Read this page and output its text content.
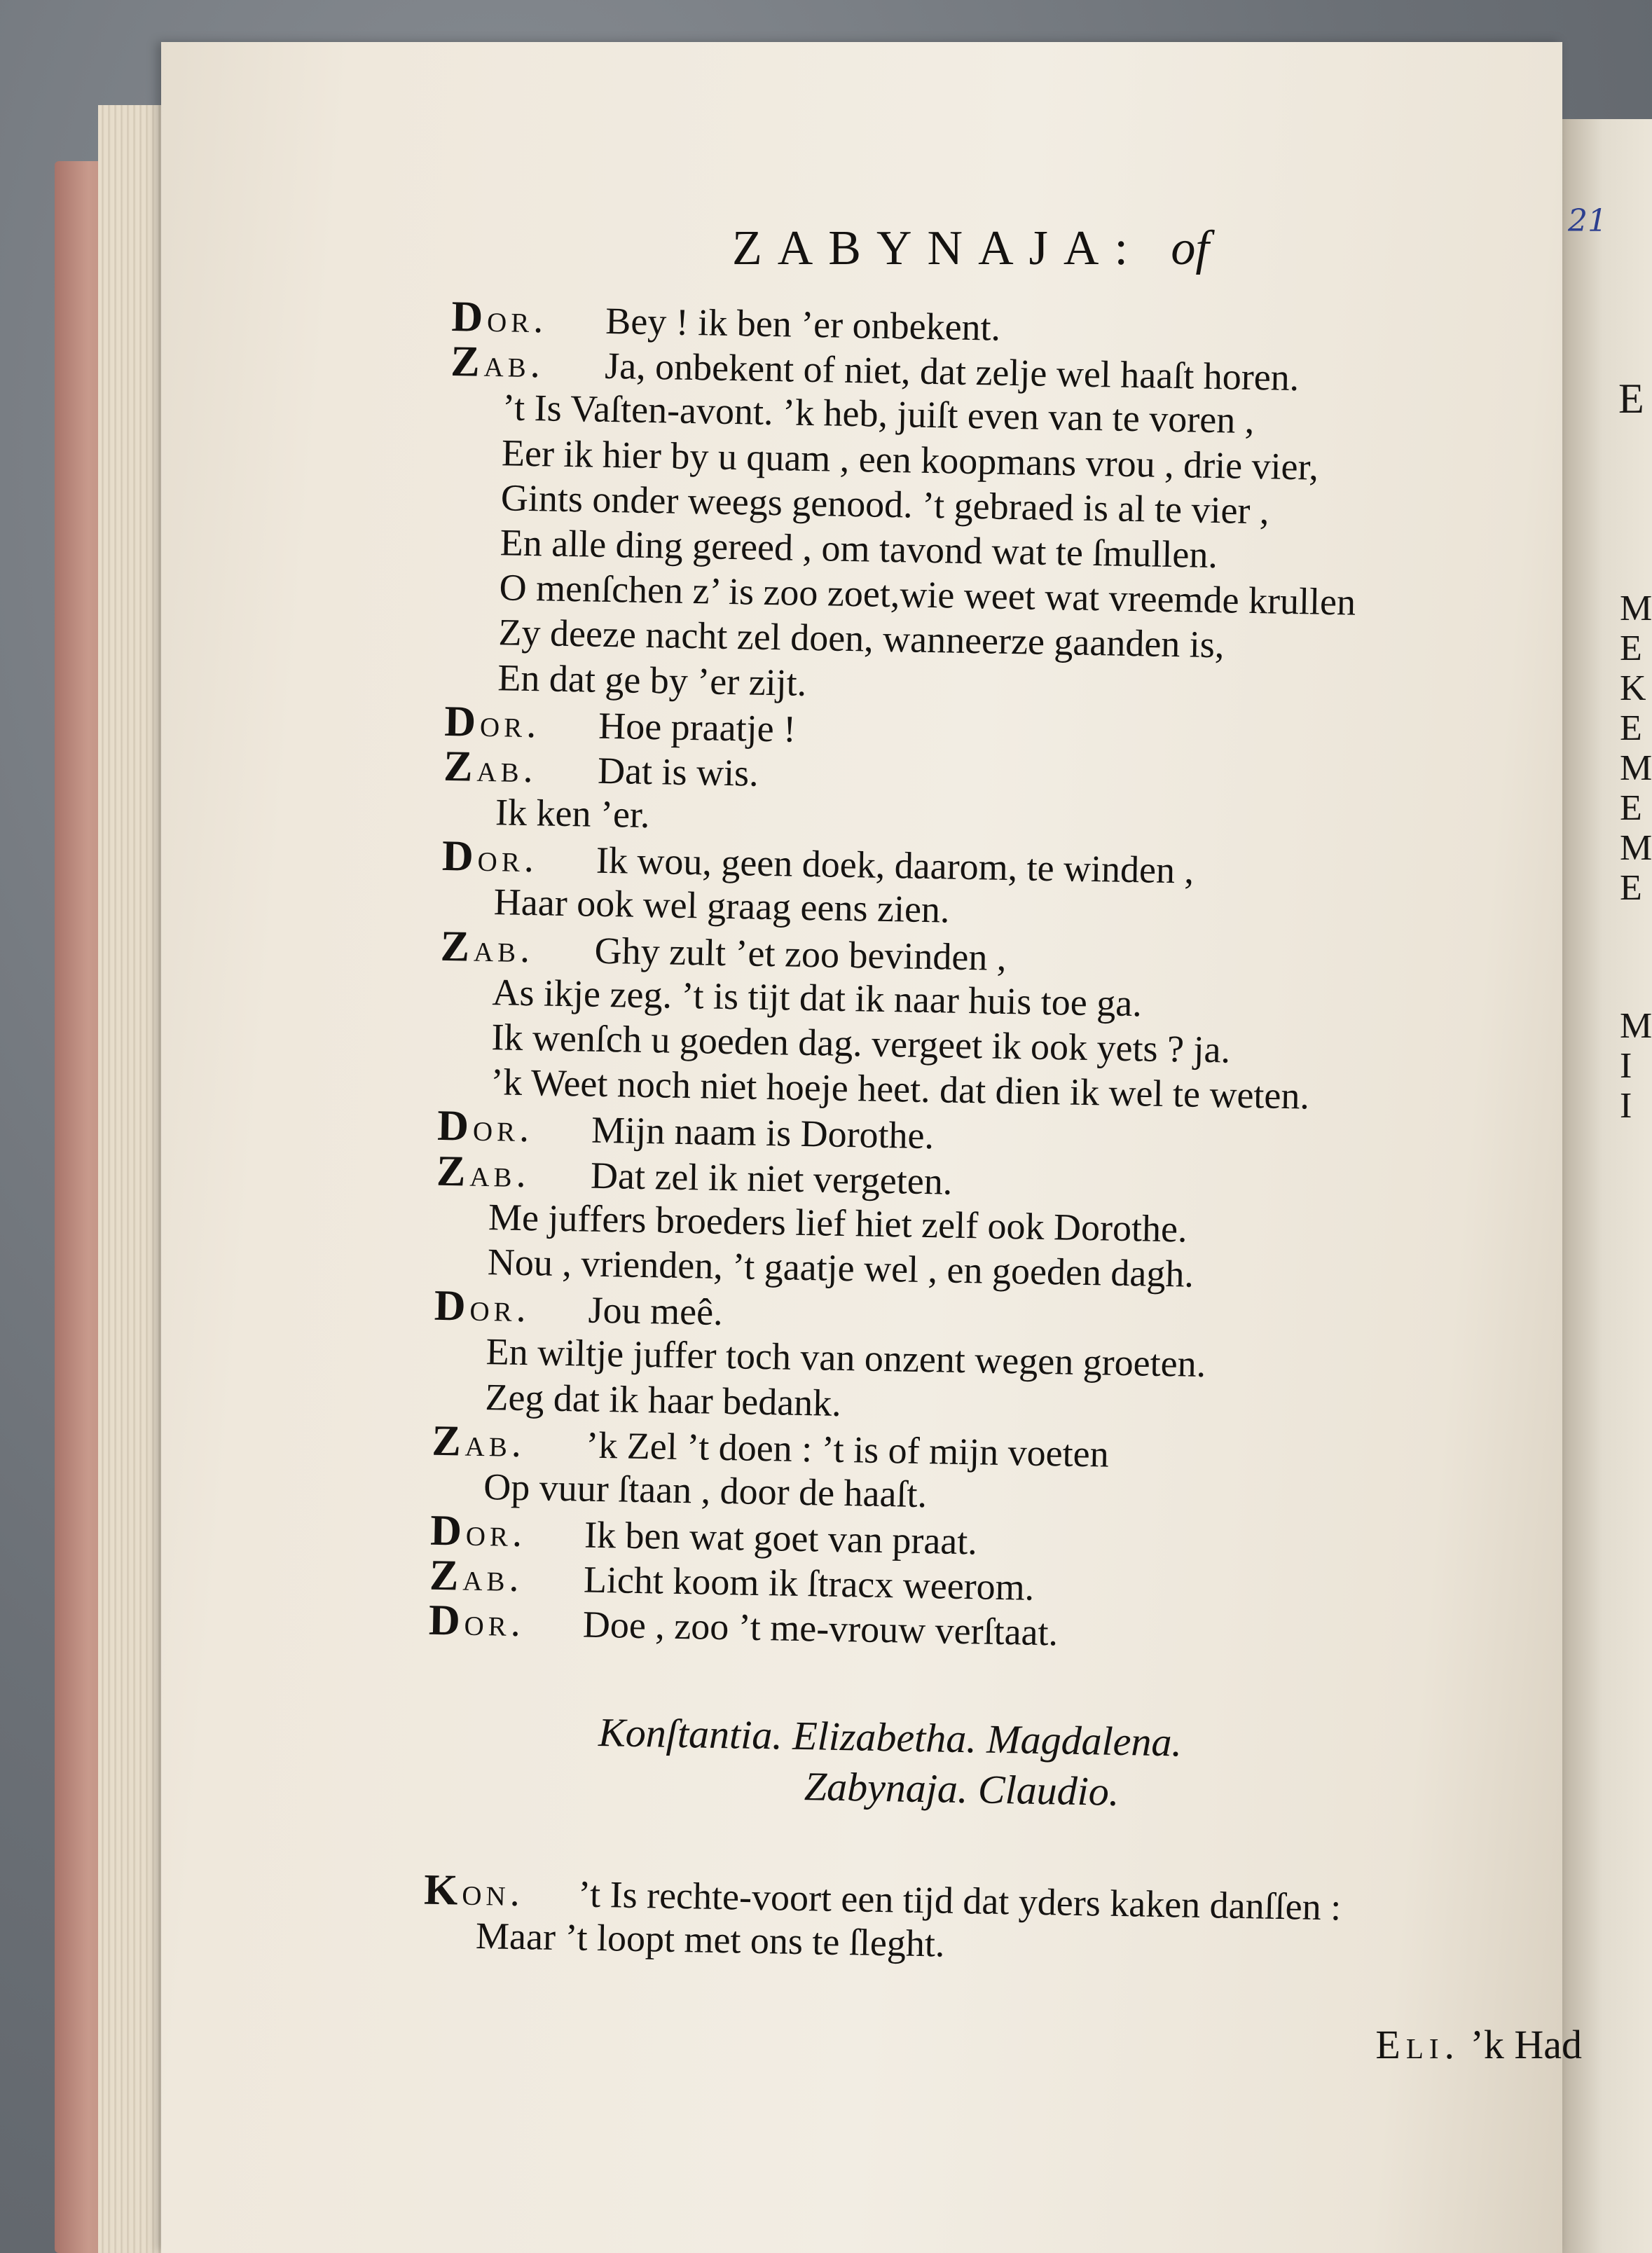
21
E
M
E
K
E
M
E
M
E
M
I
I
ZABYNAJA: of
Dor. Bey ! ik ben ’er onbekent.
Zab. Ja, onbekent of niet, dat zelje wel haaſt horen.
’t Is Vaſten-avont. ’k heb, juiſt even van te voren ,
Eer ik hier by u quam , een koopmans vrou , drie vier,
Gints onder weegs genood. ’t gebraed is al te vier ,
En alle ding gereed , om tavond wat te ſmullen.
O menſchen z’ is zoo zoet,wie weet wat vreemde krullen
Zy deeze nacht zel doen, wanneerze gaanden is,
En dat ge by ’er zijt.
Dor. Hoe praatje !
Zab. Dat is wis.
Ik ken ’er.
Dor. Ik wou, geen doek, daarom, te winden ,
Haar ook wel graag eens zien.
Zab. Ghy zult ’et zoo bevinden ,
As ikje zeg. ’t is tijt dat ik naar huis toe ga.
Ik wenſch u goeden dag. vergeet ik ook yets ? ja.
’k Weet noch niet hoeje heet. dat dien ik wel te weten.
Dor. Mijn naam is Dorothe.
Zab. Dat zel ik niet vergeten.
Me juffers broeders lief hiet zelf ook Dorothe.
Nou , vrienden, ’t gaatje wel , en goeden dagh.
Dor. Jou meê.
En wiltje juffer toch van onzent wegen groeten.
Zeg dat ik haar bedank.
Zab. ’k Zel ’t doen : ’t is of mijn voeten
Op vuur ſtaan , door de haaſt.
Dor. Ik ben wat goet van praat.
Zab. Licht koom ik ſtracx weerom.
Dor. Doe , zoo ’t me-vrouw verſtaat.
Konſtantia. Elizabetha. Magdalena.
Zabynaja. Claudio.
Kon. ’t Is rechte-voort een tijd dat yders kaken danſſen :
Maar ’t loopt met ons te ſleght.
Eli. ’k Had
